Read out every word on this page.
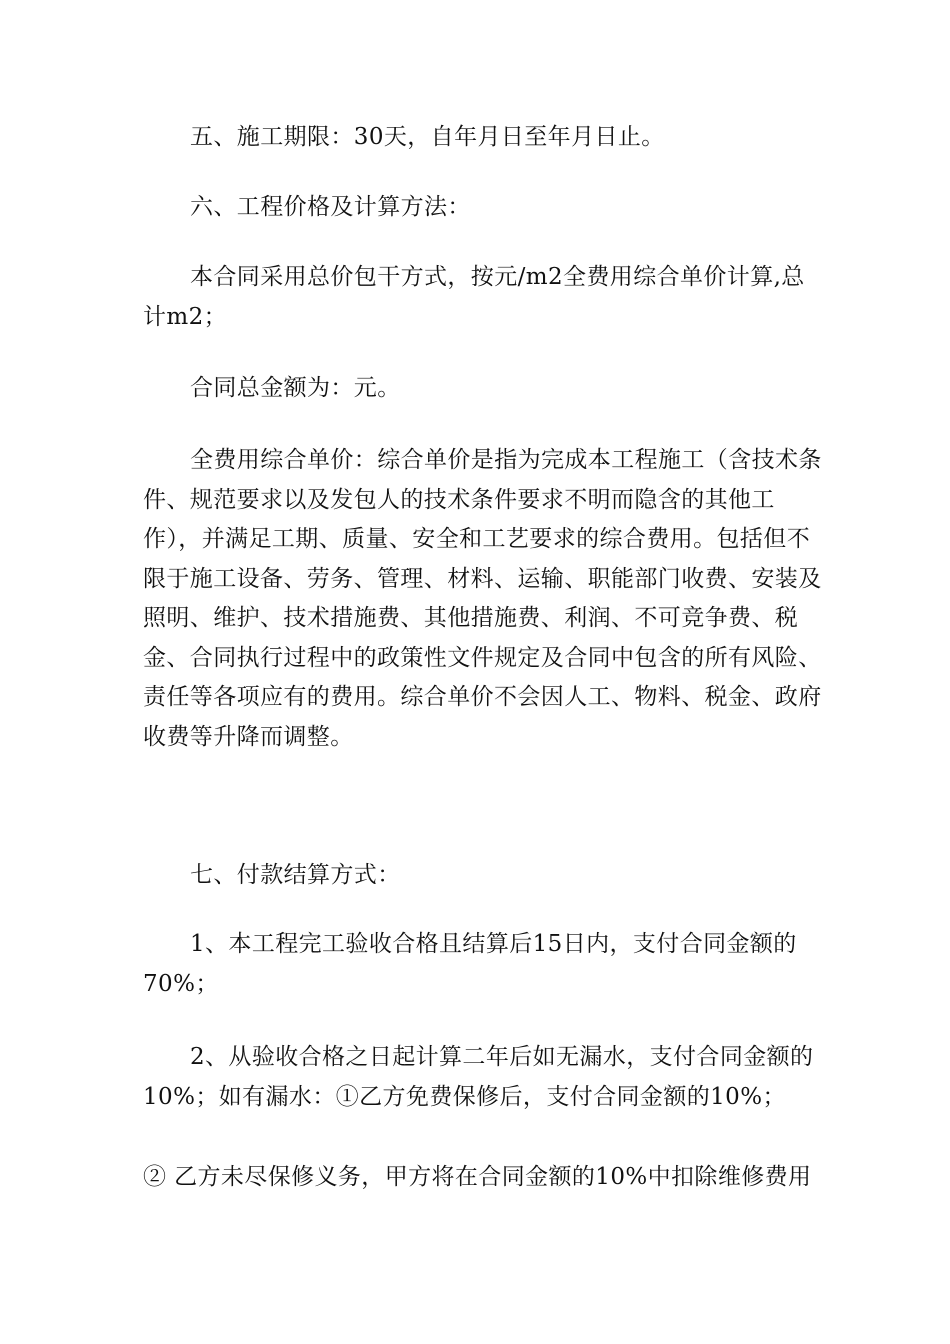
五、施工期限：30天，自年月日至年月日止。

六、工程价格及计算方法：

本合同采用总价包干方式，按元/m2全费用综合单价计算,总计m2；

合同总金额为：元。

全费用综合单价：综合单价是指为完成本工程施工（含技术条件、规范要求以及发包人的技术条件要求不明而隐含的其他工作），并满足工期、质量、安全和工艺要求的综合费用。包括但不限于施工设备、劳务、管理、材料、运输、职能部门收费、安装及照明、维护、技术措施费、其他措施费、利润、不可竞争费、税金、合同执行过程中的政策性文件规定及合同中包含的所有风险、责任等各项应有的费用。综合单价不会因人工、物料、税金、政府收费等升降而调整。

七、付款结算方式：

1、本工程完工验收合格且结算后15日内，支付合同金额的70%；

2、从验收合格之日起计算二年后如无漏水，支付合同金额的10%；如有漏水：①乙方免费保修后，支付合同金额的10%；

② 乙方未尽保修义务，甲方将在合同金额的10%中扣除维修费用
